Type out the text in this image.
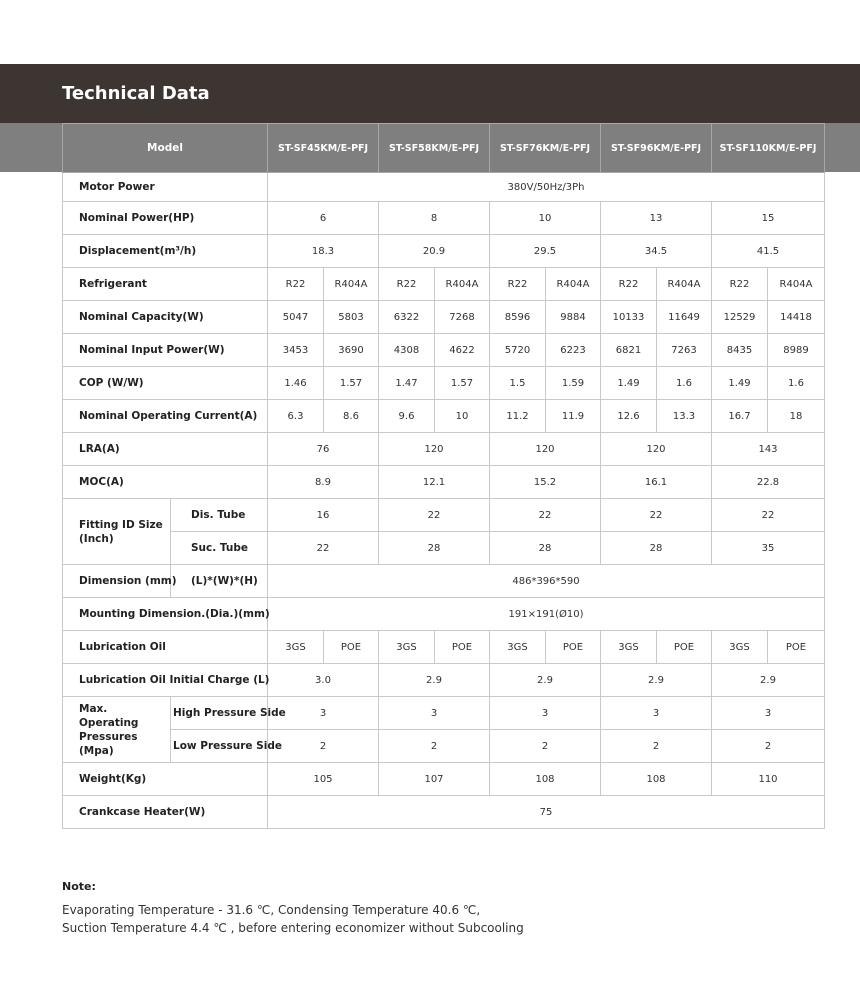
Technical Data
Model		ST-SF45KM/E-PFJ		ST-SF58KM/E-PFJ		ST-SF76KM/E-PFJ		ST-SF96KM/E-PFJ		ST-SF110KM/E-PFJ	
Motor Power		380V/50Hz/3Ph									
Nominal Power(HP)		6		8		10		13		15	
Displacement(m³/h)		18.3		20.9		29.5		34.5		41.5	
Refrigerant		R22	R404A	R22	R404A	R22	R404A	R22	R404A	R22	R404A
Nominal Capacity(W)		5047	5803	6322	7268	8596	9884	10133	11649	12529	14418
Nominal Input Power(W)		3453	3690	4308	4622	5720	6223	6821	7263	8435	8989
COP (W/W)		1.46	1.57	1.47	1.57	1.5	1.59	1.49	1.6	1.49	1.6
Nominal Operating Current(A)		6.3	8.6	9.6	10	11.2	11.9	12.6	13.3	16.7	18
LRA(A)		76		120		120		120		143	
MOC(A)		8.9		12.1		15.2		16.1		22.8	
Fitting ID Size (Inch)	Dis. Tube	16		22		22		22		22	
	Suc. Tube	22		28		28		28		35	
Dimension (mm)	(L)*(W)*(H)	486*396*590									
Mounting Dimension.(Dia.)(mm)		191×191(Ø10)									
Lubrication Oil		3GS	POE	3GS	POE	3GS	POE	3GS	POE	3GS	POE
Lubrication Oil Initial Charge (L)		3.0		2.9		2.9		2.9		2.9	
Max. Operating Pressures (Mpa)	High Pressure Side	3		3		3		3		3	
	Low Pressure Side	2		2		2		2		2	
Weight(Kg)		105		107		108		108		110	
Crankcase Heater(W)		75									
Note:
Evaporating Temperature - 31.6 ℃, Condensing Temperature 40.6 ℃,
Suction Temperature 4.4 ℃ , before entering economizer without Subcooling
